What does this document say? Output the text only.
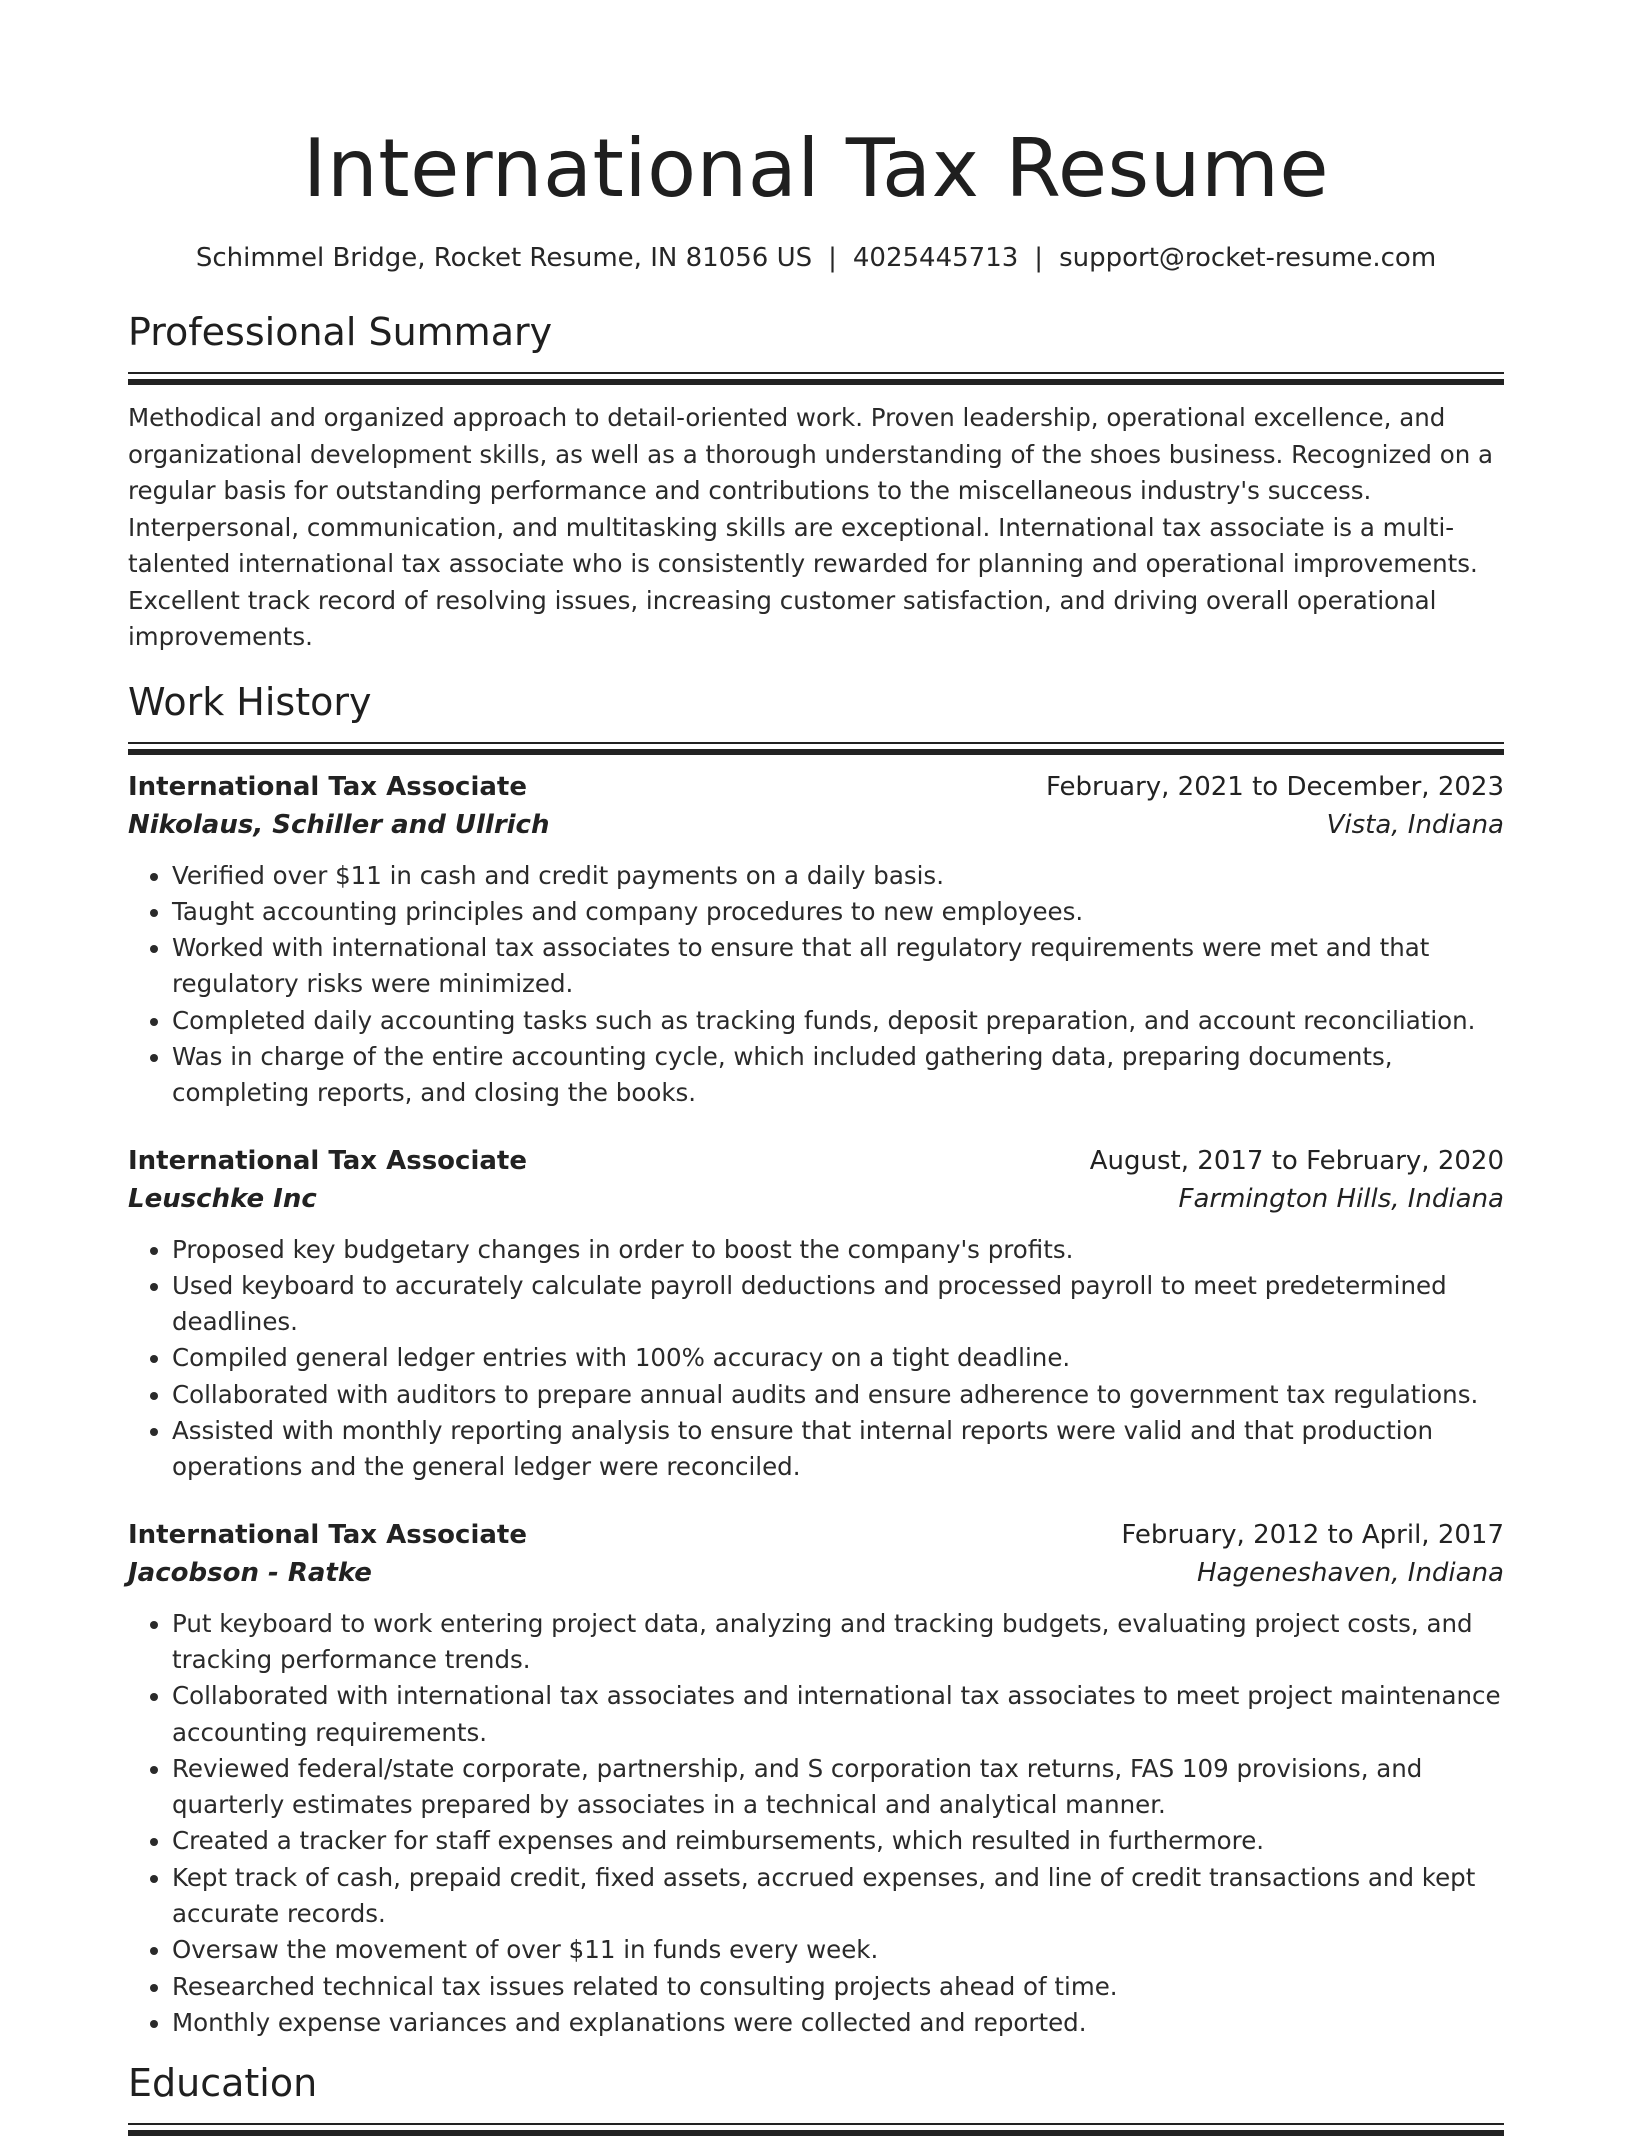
International Tax Resume
Schimmel Bridge, Rocket Resume, IN 81056 US | 4025445713 | support@rocket-resume.com
Professional Summary

Methodical and organized approach to detail-oriented work. Proven leadership, operational excellence, and organizational development skills, as well as a thorough understanding of the shoes business. Recognized on a regular basis for outstanding performance and contributions to the miscellaneous industry's success. Interpersonal, communication, and multitasking skills are exceptional. International tax associate is a multi-talented international tax associate who is consistently rewarded for planning and operational improvements. Excellent track record of resolving issues, increasing customer satisfaction, and driving overall operational improvements.

Work History
International Tax Associate	February, 2021 to December, 2023
Nikolaus, Schiller and Ullrich	Vista, Indiana
• Verified over $11 in cash and credit payments on a daily basis.
• Taught accounting principles and company procedures to new employees.
• Worked with international tax associates to ensure that all regulatory requirements were met and that regulatory risks were minimized.
• Completed daily accounting tasks such as tracking funds, deposit preparation, and account reconciliation.
• Was in charge of the entire accounting cycle, which included gathering data, preparing documents, completing reports, and closing the books.
International Tax Associate	August, 2017 to February, 2020
Leuschke Inc	Farmington Hills, Indiana
• Proposed key budgetary changes in order to boost the company's profits.
• Used keyboard to accurately calculate payroll deductions and processed payroll to meet predetermined deadlines.
• Compiled general ledger entries with 100% accuracy on a tight deadline.
• Collaborated with auditors to prepare annual audits and ensure adherence to government tax regulations.
• Assisted with monthly reporting analysis to ensure that internal reports were valid and that production operations and the general ledger were reconciled.
International Tax Associate	February, 2012 to April, 2017
Jacobson - Ratke	Hageneshaven, Indiana
• Put keyboard to work entering project data, analyzing and tracking budgets, evaluating project costs, and tracking performance trends.
• Collaborated with international tax associates and international tax associates to meet project maintenance accounting requirements.
• Reviewed federal/state corporate, partnership, and S corporation tax returns, FAS 109 provisions, and quarterly estimates prepared by associates in a technical and analytical manner.
• Created a tracker for staff expenses and reimbursements, which resulted in furthermore.
• Kept track of cash, prepaid credit, fixed assets, accrued expenses, and line of credit transactions and kept accurate records.
• Oversaw the movement of over $11 in funds every week.
• Researched technical tax issues related to consulting projects ahead of time.
• Monthly expense variances and explanations were collected and reported.
Education
